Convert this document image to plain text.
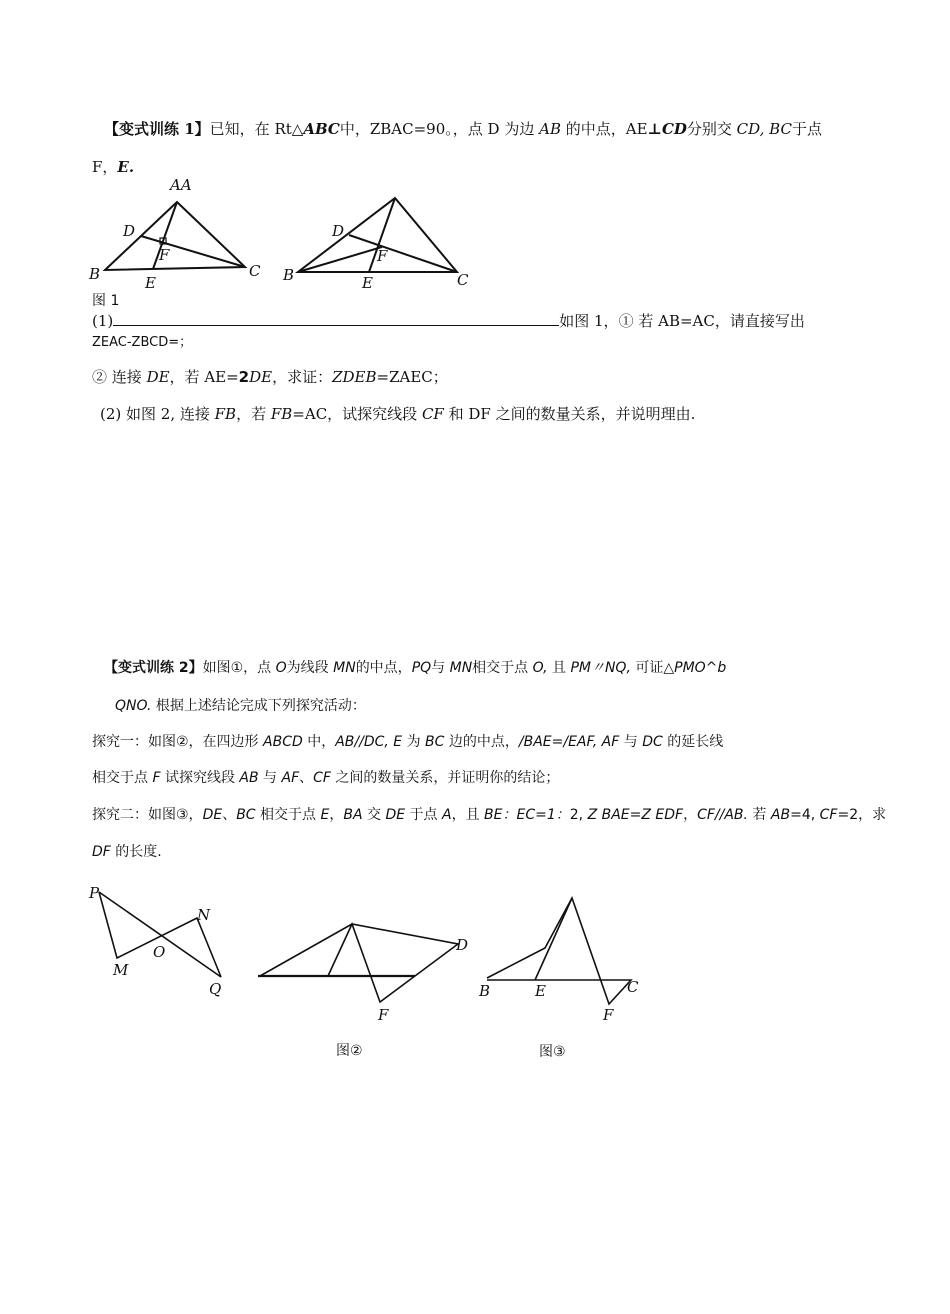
【变式训练 1】已知，在 Rt△ABC中，ZBAC=90。，点 D 为边 AB 的中点，AE⊥CD分别交 CD, BC于点
F，E.
AA
D
F
B	E
C
D
F
B	E	C
图 1
(1)	如图 1，① 若 AB=AC，请直接写出
ZEAC-ZBCD=；
② 连接 DE，若 AE=2DE，求证：ZDEB=ZAEC；
(2) 如图 2, 连接 FB，若 FB=AC，试探究线段 CF 和 DF 之间的数量关系，并说明理由.
【变式训练 2】如图①，点 O为线段 MN的中点，PQ与 MN相交于点 O, 且 PM〃NQ, 可证△PMO^b
QNO. 根据上述结论完成下列探究活动：
探究一：如图②，在四边形 ABCD 中，AB//DC, E 为 BC 边的中点，/BAE=/EAF, AF 与 DC 的延长线
相交于点 F 试探究线段 AB 与 AF、CF 之间的数量关系，并证明你的结论；
探究二：如图③，DE、BC 相交于点 E，BA 交 DE 于点 A，且 BE：EC=1：2, Z BAE=Z EDF，CF//AB. 若 AB=4, CF=2，求
DF 的长度.
P
N
O
M
Q
D
F
图②
B	E	C
F
图③
